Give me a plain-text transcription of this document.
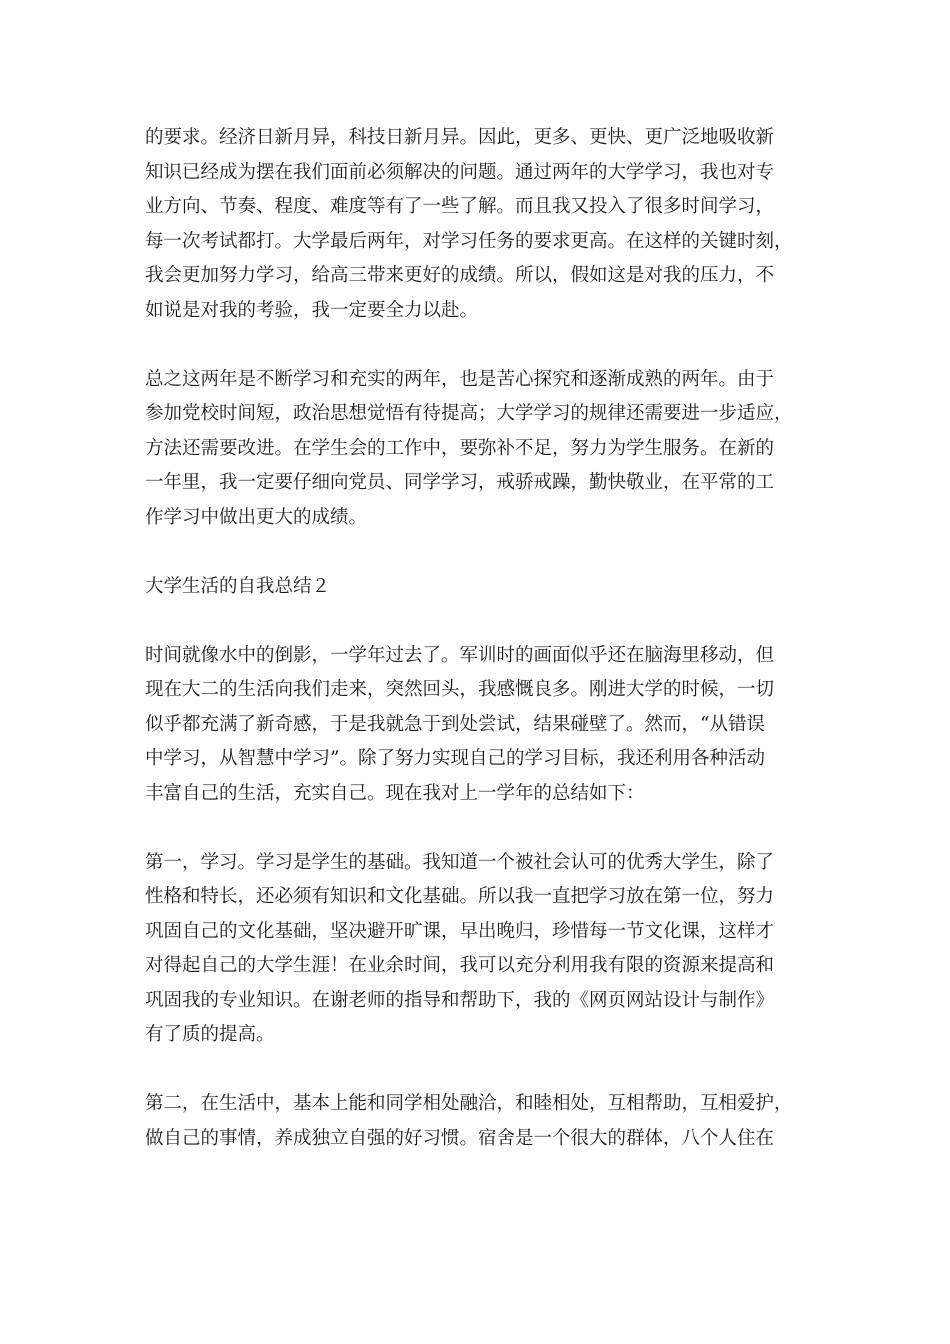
的要求。经济日新月异，科技日新月异。因此，更多、更快、更广泛地吸收新
知识已经成为摆在我们面前必须解决的问题。通过两年的大学学习，我也对专
业方向、节奏、程度、难度等有了一些了解。而且我又投入了很多时间学习，
每一次考试都打。大学最后两年，对学习任务的要求更高。在这样的关键时刻，
我会更加努力学习，给高三带来更好的成绩。所以，假如这是对我的压力，不
如说是对我的考验，我一定要全力以赴。
总之这两年是不断学习和充实的两年，也是苦心探究和逐渐成熟的两年。由于
参加党校时间短，政治思想觉悟有待提高；大学学习的规律还需要进一步适应，
方法还需要改进。在学生会的工作中，要弥补不足，努力为学生服务。在新的
一年里，我一定要仔细向党员、同学学习，戒骄戒躁，勤快敬业，在平常的工
作学习中做出更大的成绩。
大学生活的自我总结２
时间就像水中的倒影，一学年过去了。军训时的画面似乎还在脑海里移动，但
现在大二的生活向我们走来，突然回头，我感慨良多。刚进大学的时候，一切
似乎都充满了新奇感，于是我就急于到处尝试，结果碰壁了。然而，“从错误
中学习，从智慧中学习”。除了努力实现自己的学习目标，我还利用各种活动
丰富自己的生活，充实自己。现在我对上一学年的总结如下：
第一，学习。学习是学生的基础。我知道一个被社会认可的优秀大学生，除了
性格和特长，还必须有知识和文化基础。所以我一直把学习放在第一位，努力
巩固自己的文化基础，坚决避开旷课，早出晚归，珍惜每一节文化课，这样才
对得起自己的大学生涯！在业余时间，我可以充分利用我有限的资源来提高和
巩固我的专业知识。在谢老师的指导和帮助下，我的《网页网站设计与制作》
有了质的提高。
第二，在生活中，基本上能和同学相处融洽，和睦相处，互相帮助，互相爱护，
做自己的事情，养成独立自强的好习惯。宿舍是一个很大的群体，八个人住在
